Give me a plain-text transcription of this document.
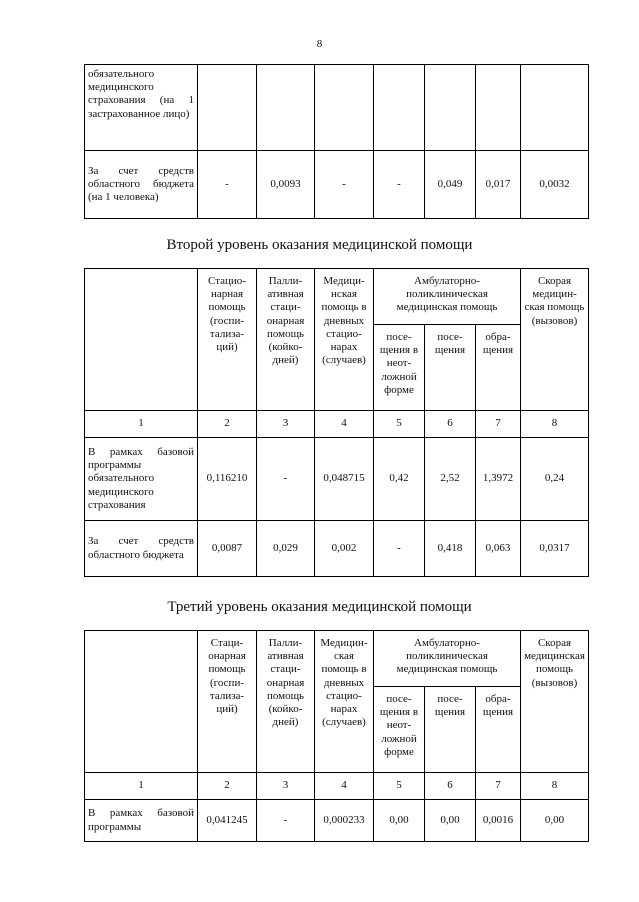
8
обязательного медицинского страхования (на 1 застрахованное лицо)							
За счет средств областного бюджета (на 1 человека)	-	0,0093	-	-	0,049	0,017	0,0032
Второй уровень оказания медицинской помощи
	Стацио-нарная помощь (госпи-тализа-ций)	Палли-ативная стаци-онарная помощь (койко-дней)	Медици-нская помощь в дневных стацио-нарах (случаев)	Амбулаторно-поликлиническая медицинская помощь			Скорая медицин-ская помощь (вызовов)
				посе-щения в неот-ложной форме	посе-щения	обра-щения	
1	2	3	4	5	6	7	8
В рамках базовой программы обязательного медицинского страхования	0,116210	-	0,048715	0,42	2,52	1,3972	0,24
За счет средств областного бюджета	0,0087	0,029	0,002	-	0,418	0,063	0,0317
Третий уровень оказания медицинской помощи
	Стаци-онарная помощь (госпи-тализа-ций)	Палли-ативная стаци-онарная помощь (койко-дней)	Медицин-ская помощь в дневных стацио-нарах (случаев)	Амбулаторно-поликлиническая медицинская помощь			Скорая медицинская помощь (вызовов)
				посе-щения в неот-ложной форме	посе-щения	обра-щения	
1	2	3	4	5	6	7	8
В рамках базовой программы	0,041245	-	0,000233	0,00	0,00	0,0016	0,00
